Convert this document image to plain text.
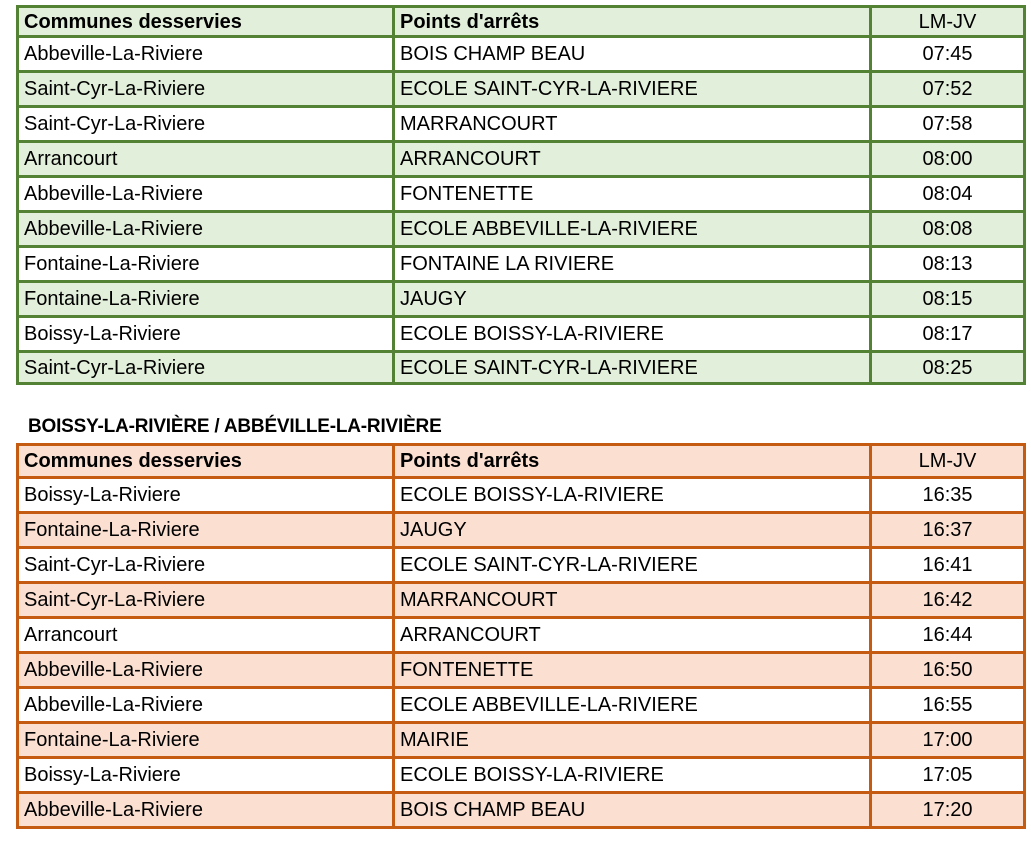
Communes desservies	Points d'arrêts	LM-JV
Abbeville-La-Riviere	BOIS CHAMP BEAU	07:45
Saint-Cyr-La-Riviere	ECOLE SAINT-CYR-LA-RIVIERE	07:52
Saint-Cyr-La-Riviere	MARRANCOURT	07:58
Arrancourt	ARRANCOURT	08:00
Abbeville-La-Riviere	FONTENETTE	08:04
Abbeville-La-Riviere	ECOLE ABBEVILLE-LA-RIVIERE	08:08
Fontaine-La-Riviere	FONTAINE LA RIVIERE	08:13
Fontaine-La-Riviere	JAUGY	08:15
Boissy-La-Riviere	ECOLE BOISSY-LA-RIVIERE	08:17
Saint-Cyr-La-Riviere	ECOLE SAINT-CYR-LA-RIVIERE	08:25
BOISSY-LA-RIVIÈRE / ABBÉVILLE-LA-RIVIÈRE
Communes desservies	Points d'arrêts	LM-JV
Boissy-La-Riviere	ECOLE BOISSY-LA-RIVIERE	16:35
Fontaine-La-Riviere	JAUGY	16:37
Saint-Cyr-La-Riviere	ECOLE SAINT-CYR-LA-RIVIERE	16:41
Saint-Cyr-La-Riviere	MARRANCOURT	16:42
Arrancourt	ARRANCOURT	16:44
Abbeville-La-Riviere	FONTENETTE	16:50
Abbeville-La-Riviere	ECOLE ABBEVILLE-LA-RIVIERE	16:55
Fontaine-La-Riviere	MAIRIE	17:00
Boissy-La-Riviere	ECOLE BOISSY-LA-RIVIERE	17:05
Abbeville-La-Riviere	BOIS CHAMP BEAU	17:20
